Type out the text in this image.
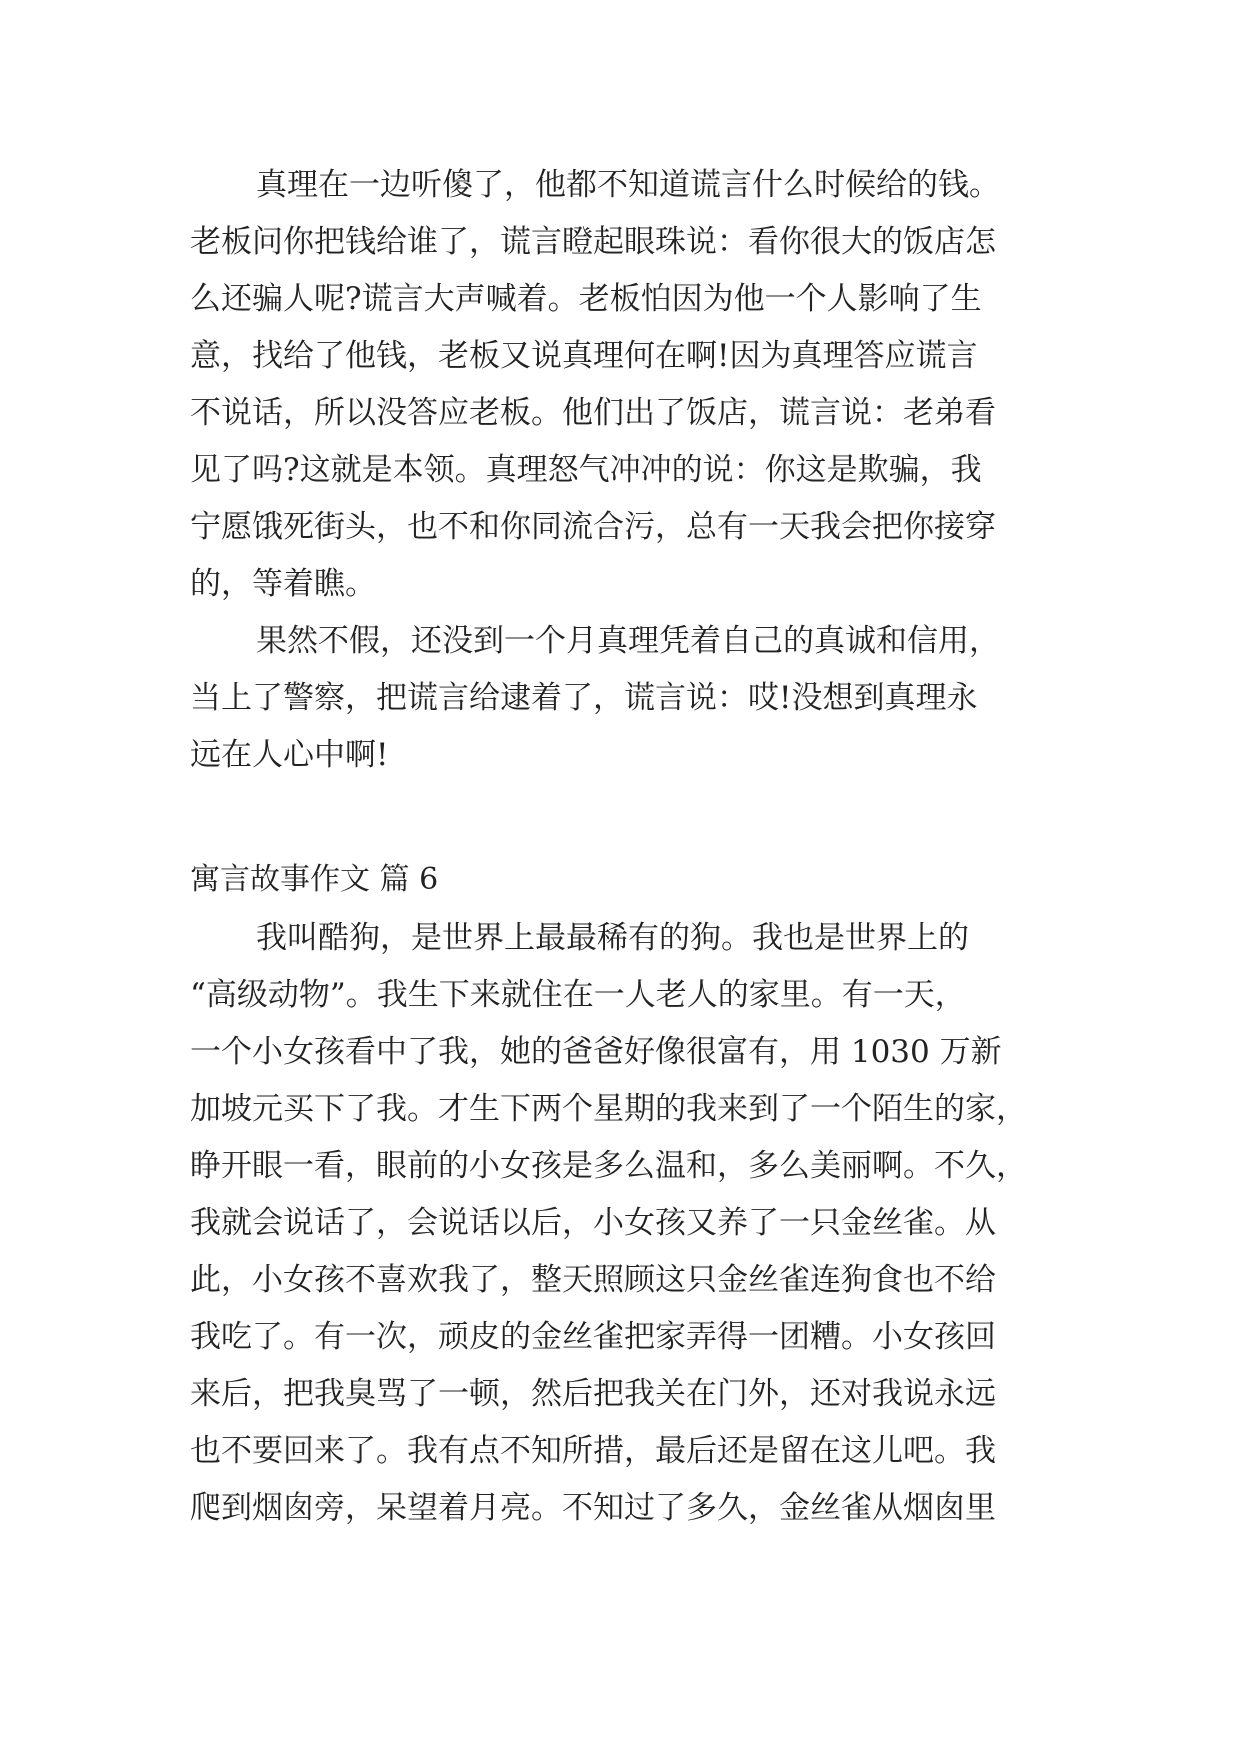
真理在一边听傻了，他都不知道谎言什么时候给的钱。
老板问你把钱给谁了，谎言瞪起眼珠说：看你很大的饭店怎
么还骗人呢?谎言大声喊着。老板怕因为他一个人影响了生
意，找给了他钱，老板又说真理何在啊!因为真理答应谎言
不说话，所以没答应老板。他们出了饭店，谎言说：老弟看
见了吗?这就是本领。真理怒气冲冲的说：你这是欺骗，我
宁愿饿死街头，也不和你同流合污，总有一天我会把你接穿
的，等着瞧。
果然不假，还没到一个月真理凭着自己的真诚和信用，
当上了警察，把谎言给逮着了，谎言说：哎!没想到真理永
远在人心中啊!
寓言故事作文 篇 6
我叫酷狗，是世界上最最稀有的狗。我也是世界上的
“高级动物”。我生下来就住在一人老人的家里。有一天，
一个小女孩看中了我，她的爸爸好像很富有，用 1030 万新
加坡元买下了我。才生下两个星期的我来到了一个陌生的家，
睁开眼一看，眼前的小女孩是多么温和，多么美丽啊。不久，
我就会说话了，会说话以后，小女孩又养了一只金丝雀。从
此，小女孩不喜欢我了，整天照顾这只金丝雀连狗食也不给
我吃了。有一次，顽皮的金丝雀把家弄得一团糟。小女孩回
来后，把我臭骂了一顿，然后把我关在门外，还对我说永远
也不要回来了。我有点不知所措，最后还是留在这儿吧。我
爬到烟囱旁，呆望着月亮。不知过了多久，金丝雀从烟囱里
